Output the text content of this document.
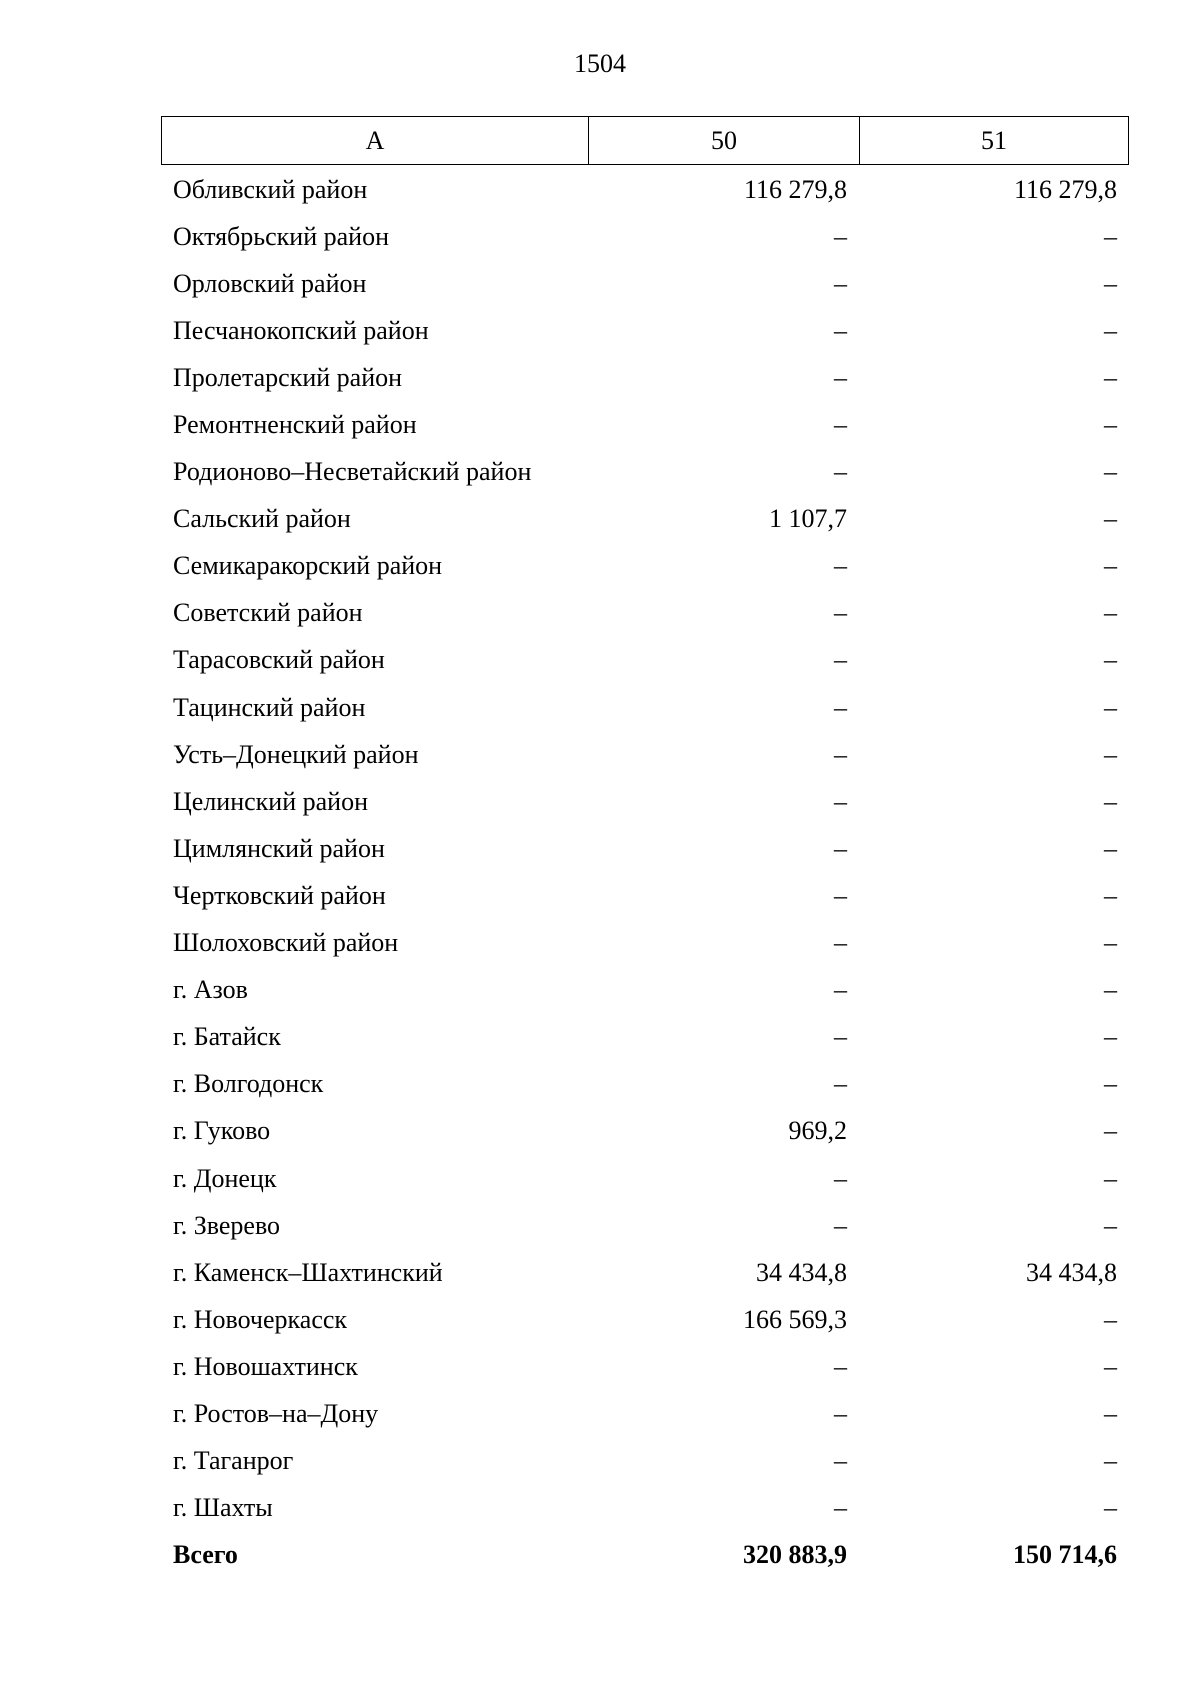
1504
А	50	51
Обливский район	116 279,8	116 279,8
Октябрьский район	–	–
Орловский район	–	–
Песчанокопский район	–	–
Пролетарский район	–	–
Ремонтненский район	–	–
Родионово–Несветайский район	–	–
Сальский район	1 107,7	–
Семикаракорский район	–	–
Советский район	–	–
Тарасовский район	–	–
Тацинский район	–	–
Усть–Донецкий район	–	–
Целинский район	–	–
Цимлянский район	–	–
Чертковский район	–	–
Шолоховский район	–	–
г. Азов	–	–
г. Батайск	–	–
г. Волгодонск	–	–
г. Гуково	969,2	–
г. Донецк	–	–
г. Зверево	–	–
г. Каменск–Шахтинский	34 434,8	34 434,8
г. Новочеркасск	166 569,3	–
г. Новошахтинск	–	–
г. Ростов–на–Дону	–	–
г. Таганрог	–	–
г. Шахты	–	–
Всего	320 883,9	150 714,6
